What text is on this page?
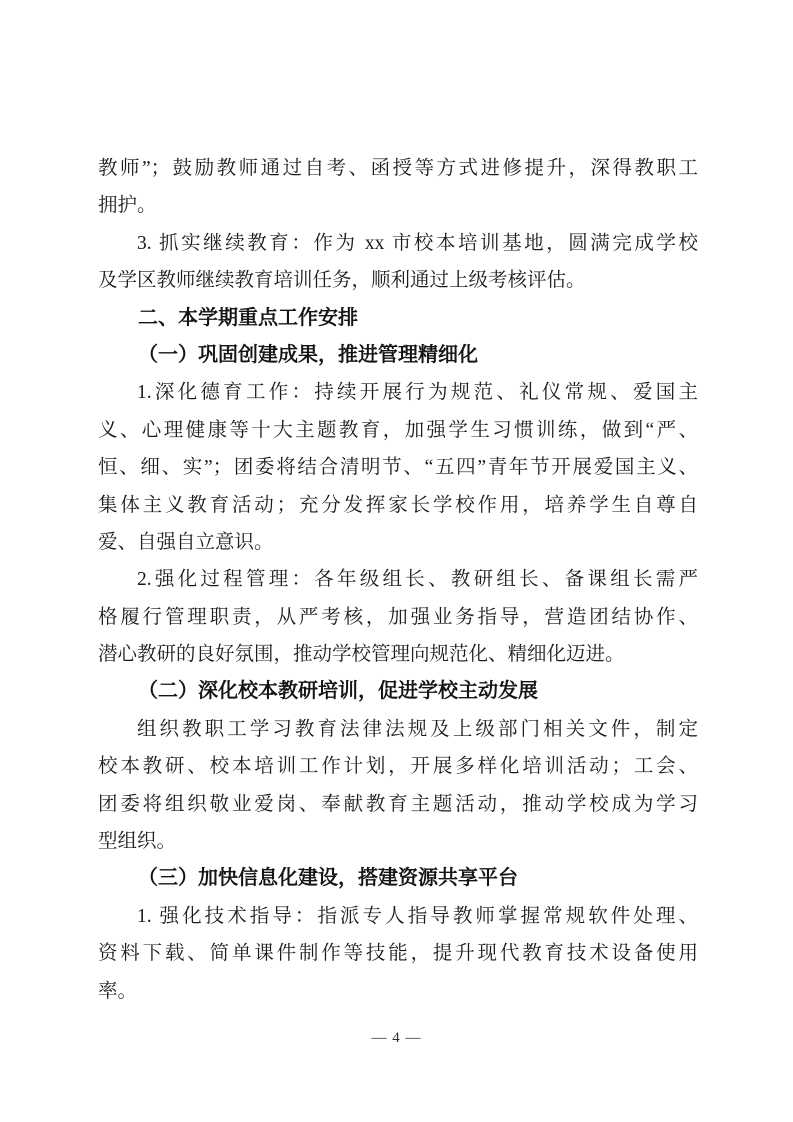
教师”；鼓励教师通过自考、函授等方式进修提升，深得教职工
拥护。
3. 抓实继续教育：作为 xx 市校本培训基地，圆满完成学校
及学区教师继续教育培训任务，顺利通过上级考核评估。
二、本学期重点工作安排
（一）巩固创建成果，推进管理精细化
1.深化德育工作：持续开展行为规范、礼仪常规、爱国主
义、心理健康等十大主题教育，加强学生习惯训练，做到“严、
恒、细、实”；团委将结合清明节、“五四”青年节开展爱国主义、
集体主义教育活动；充分发挥家长学校作用，培养学生自尊自
爱、自强自立意识。
2.强化过程管理：各年级组长、教研组长、备课组长需严
格履行管理职责，从严考核，加强业务指导，营造团结协作、
潜心教研的良好氛围，推动学校管理向规范化、精细化迈进。
（二）深化校本教研培训，促进学校主动发展
组织教职工学习教育法律法规及上级部门相关文件，制定
校本教研、校本培训工作计划，开展多样化培训活动；工会、
团委将组织敬业爱岗、奉献教育主题活动，推动学校成为学习
型组织。
（三）加快信息化建设，搭建资源共享平台
1. 强化技术指导：指派专人指导教师掌握常规软件处理、
资料下载、简单课件制作等技能，提升现代教育技术设备使用
率。
— 4 —
